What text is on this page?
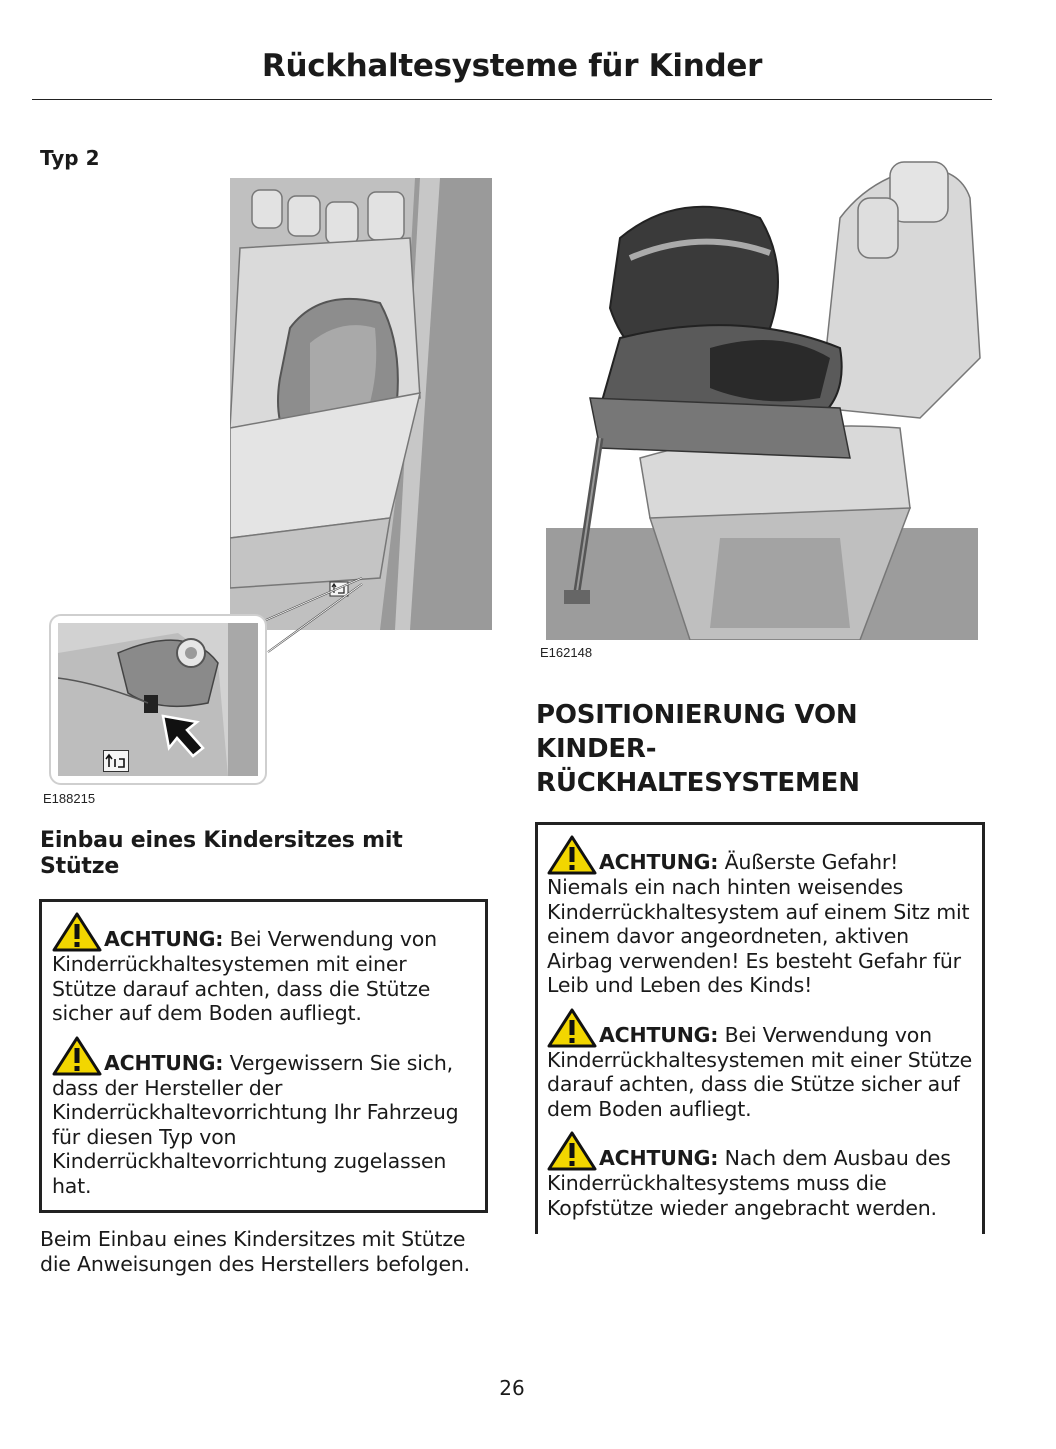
Rückhaltesysteme für Kinder
Typ 2
E188215
E162148
POSITIONIERUNG VON KINDER-RÜCKHALTESYSTEMEN
Einbau eines Kindersitzes mit Stütze
ACHTUNG: Bei Verwendung von Kinderrückhaltesystemen mit einer Stütze darauf achten, dass die Stütze sicher auf dem Boden aufliegt.
ACHTUNG: Vergewissern Sie sich, dass der Hersteller der Kinderrückhaltevorrichtung Ihr Fahrzeug für diesen Typ von Kinderrückhaltevorrichtung zugelassen hat.
Beim Einbau eines Kindersitzes mit Stütze die Anweisungen des Herstellers befolgen.
ACHTUNG: Äußerste Gefahr! Niemals ein nach hinten weisendes Kinderrückhaltesystem auf einem Sitz mit einem davor angeordneten, aktiven Airbag verwenden! Es besteht Gefahr für Leib und Leben des Kinds!
ACHTUNG: Bei Verwendung von Kinderrückhaltesystemen mit einer Stütze darauf achten, dass die Stütze sicher auf dem Boden aufliegt.
ACHTUNG: Nach dem Ausbau des Kinderrückhaltesystems muss die Kopfstütze wieder angebracht werden.
26
